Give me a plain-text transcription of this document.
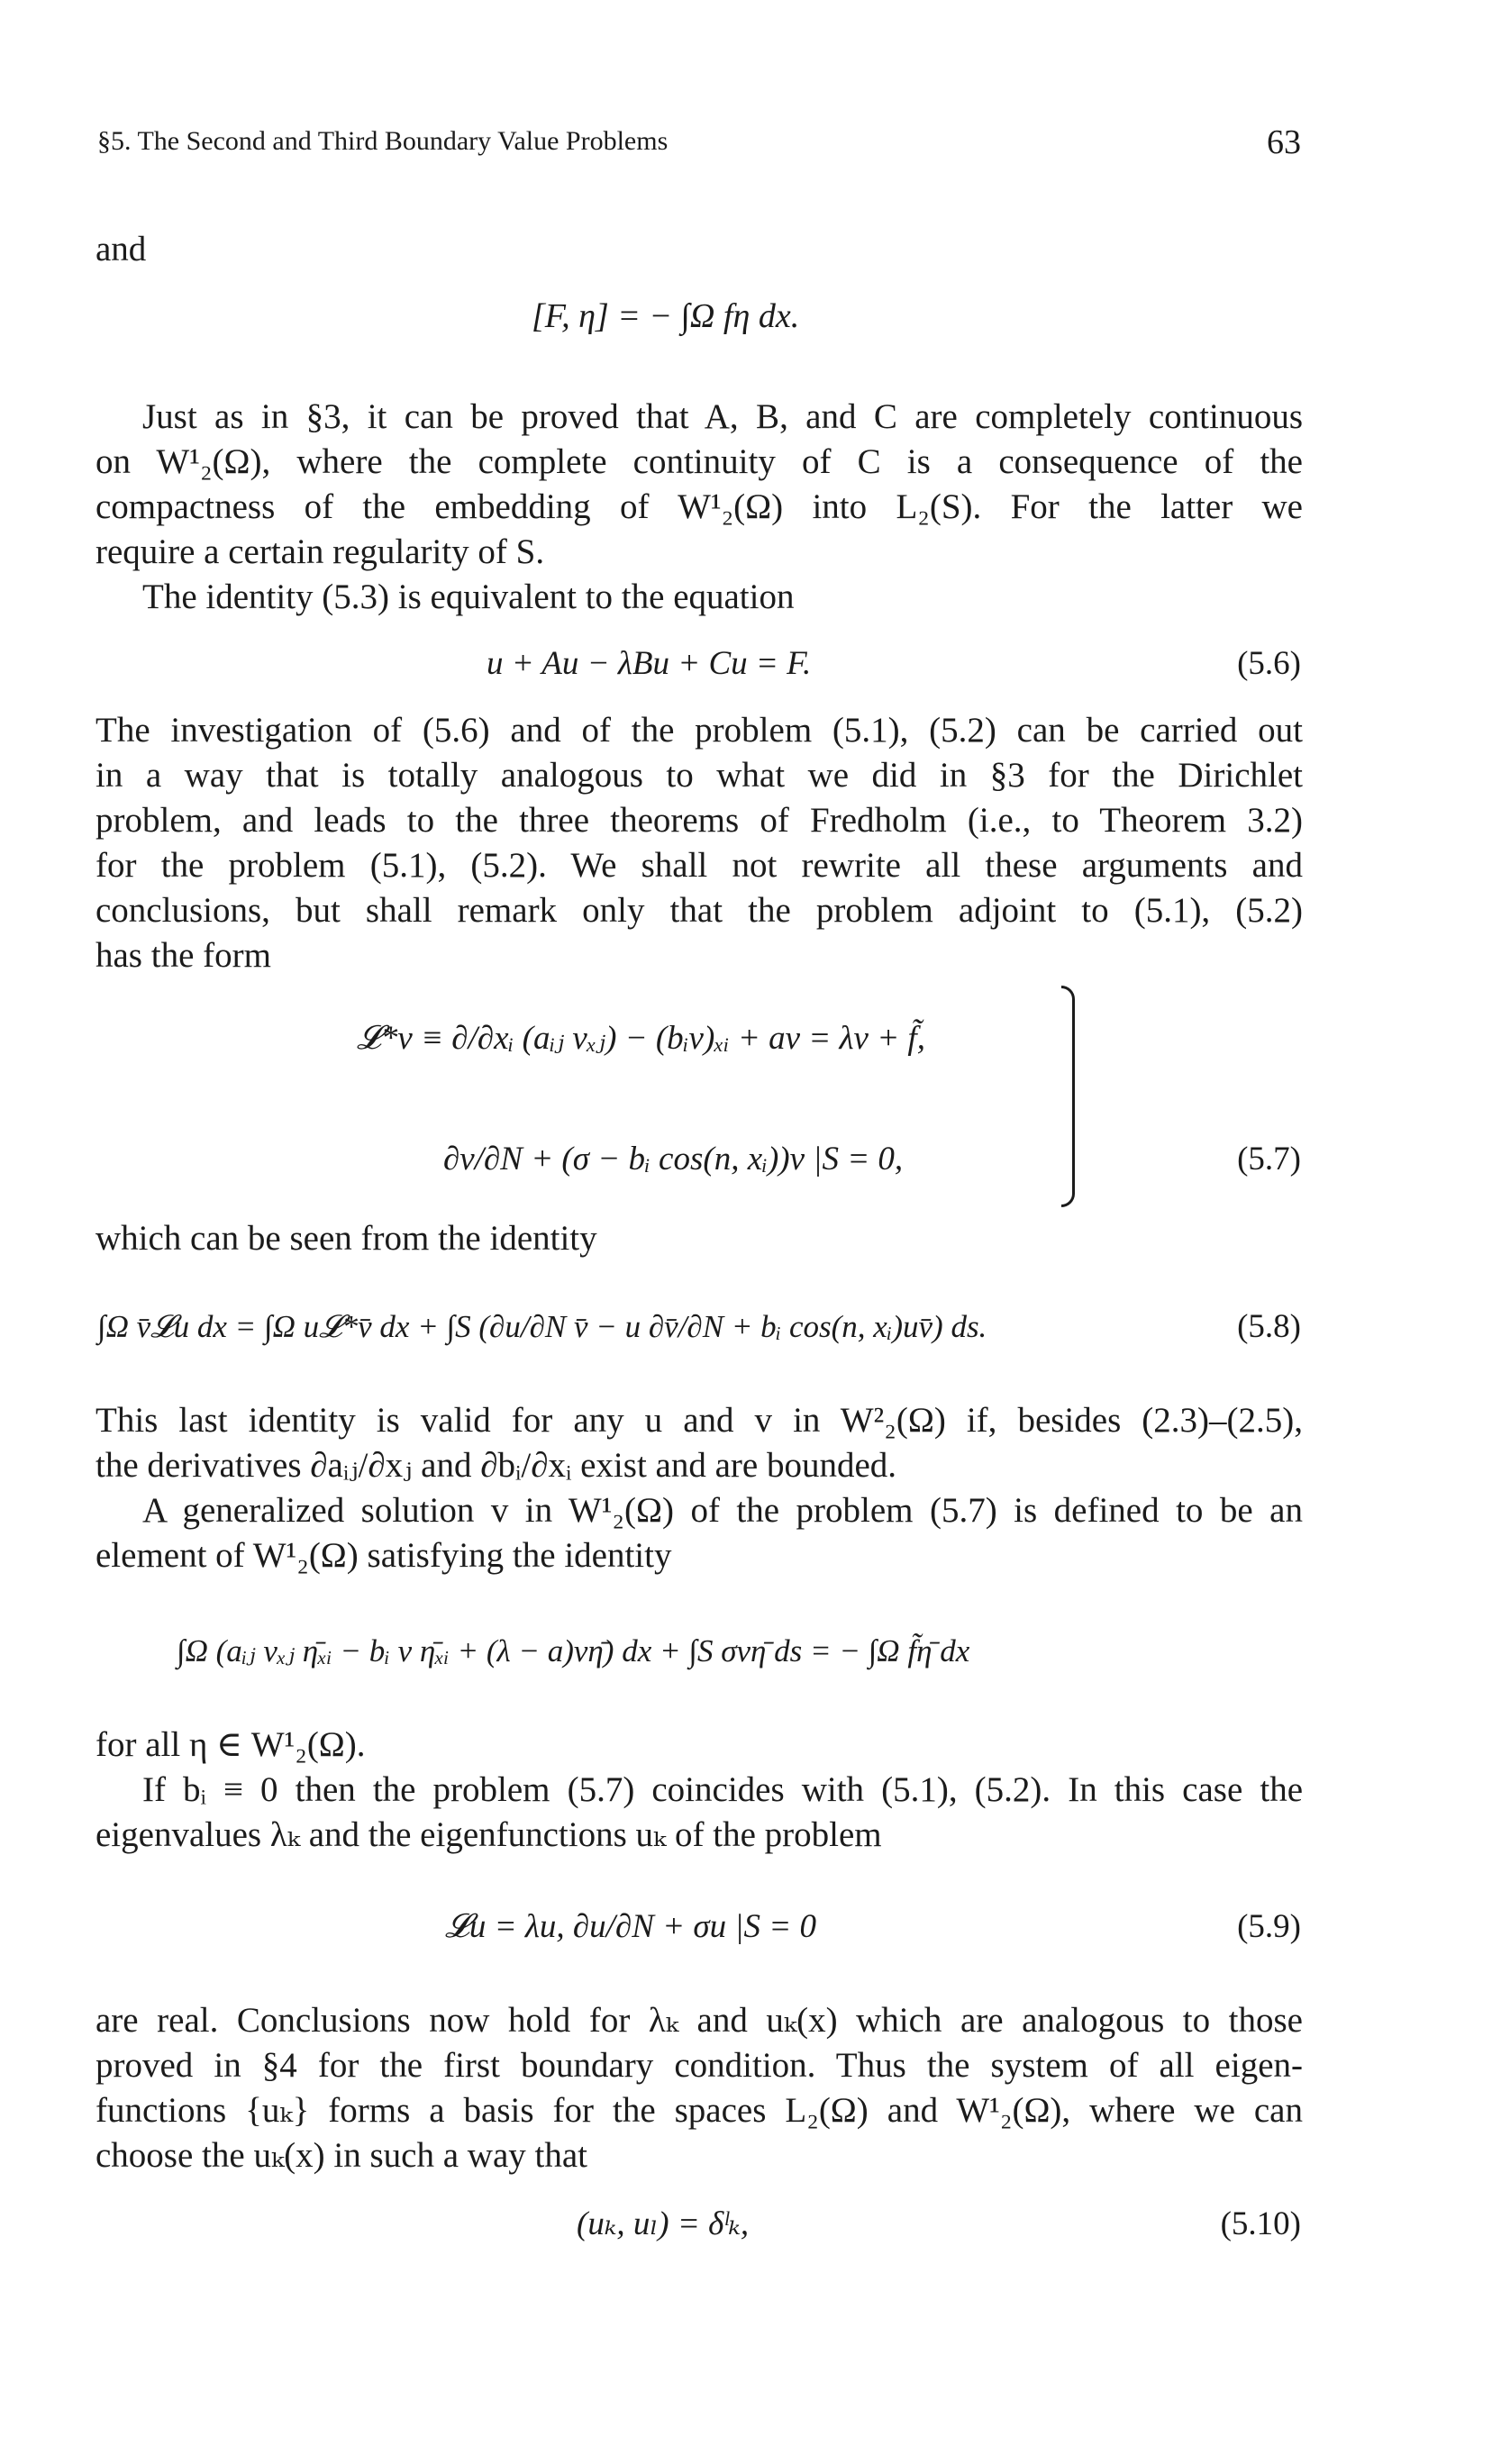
§5. The Second and Third Boundary Value Problems	63
and
[F, η] = − ∫Ω fη dx.
Just as in §3, it can be proved that A, B, and C are completely continuous
on W¹₂(Ω), where the complete continuity of C is a consequence of the
compactness of the embedding of W¹₂(Ω) into L₂(S). For the latter we
require a certain regularity of S.
The identity (5.3) is equivalent to the equation
u + Au − λBu + Cu = F.	(5.6)
The investigation of (5.6) and of the problem (5.1), (5.2) can be carried out
in a way that is totally analogous to what we did in §3 for the Dirichlet
problem, and leads to the three theorems of Fredholm (i.e., to Theorem 3.2)
for the problem (5.1), (5.2). We shall not rewrite all these arguments and
conclusions, but shall remark only that the problem adjoint to (5.1), (5.2)
has the form
𝓛*v ≡ ∂/∂xᵢ (aᵢⱼ vₓⱼ) − (bᵢv)ₓᵢ + av = λv + f̃,
∂v/∂N + (σ − bᵢ cos(n, xᵢ))v |S = 0,	(5.7)
which can be seen from the identity
∫Ω v̄𝓛u dx = ∫Ω u𝓛*v̄ dx + ∫S (∂u/∂N v̄ − u ∂v̄/∂N + bᵢ cos(n, xᵢ)uv̄) ds.	(5.8)
This last identity is valid for any u and v in W²₂(Ω) if, besides (2.3)–(2.5),
the derivatives ∂aᵢⱼ/∂xⱼ and ∂bᵢ/∂xᵢ exist and are bounded.
A generalized solution v in W¹₂(Ω) of the problem (5.7) is defined to be an
element of W¹₂(Ω) satisfying the identity
∫Ω (aᵢⱼ vₓⱼ η̄ₓᵢ − bᵢ v η̄ₓᵢ + (λ − a)vη̄) dx + ∫S σvη̄ ds = − ∫Ω f̃η̄ dx
for all η ∈ W¹₂(Ω).
If bᵢ ≡ 0 then the problem (5.7) coincides with (5.1), (5.2). In this case the
eigenvalues λₖ and the eigenfunctions uₖ of the problem
𝓛u = λu, ∂u/∂N + σu |S = 0	(5.9)
are real. Conclusions now hold for λₖ and uₖ(x) which are analogous to those
proved in §4 for the first boundary condition. Thus the system of all eigen-
functions {uₖ} forms a basis for the spaces L₂(Ω) and W¹₂(Ω), where we can
choose the uₖ(x) in such a way that
(uₖ, uₗ) = δˡₖ,	(5.10)
